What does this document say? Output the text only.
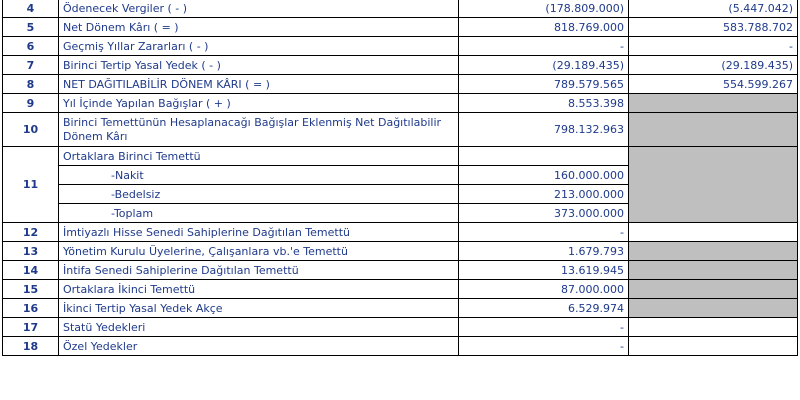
4	Ödenecek Vergiler ( - )	(178.809.000)	(5.447.042)
5	Net Dönem Kârı ( = )	818.769.000	583.788.702
6	Geçmiş Yıllar Zararları ( - )	-	-
7	Birinci Tertip Yasal Yedek ( - )	(29.189.435)	(29.189.435)
8	NET DAĞITILABİLİR DÖNEM KÂRI ( = )	789.579.565	554.599.267
9	Yıl İçinde Yapılan Bağışlar ( + )	8.553.398	
10	Birinci Temettünün Hesaplanacağı Bağışlar Eklenmiş Net Dağıtılabilir Dönem Kârı	798.132.963	
11	Ortaklara Birinci Temettü		
	-Nakit	160.000.000	
	-Bedelsiz	213.000.000	
	-Toplam	373.000.000	
12	İmtiyazlı Hisse Senedi Sahiplerine Dağıtılan Temettü	-	
13	Yönetim Kurulu Üyelerine, Çalışanlara vb.'e Temettü	1.679.793	
14	İntifa Senedi Sahiplerine Dağıtılan Temettü	13.619.945	
15	Ortaklara İkinci Temettü	87.000.000	
16	İkinci Tertip Yasal Yedek Akçe	6.529.974	
17	Statü Yedekleri	-	
18	Özel Yedekler	-	
